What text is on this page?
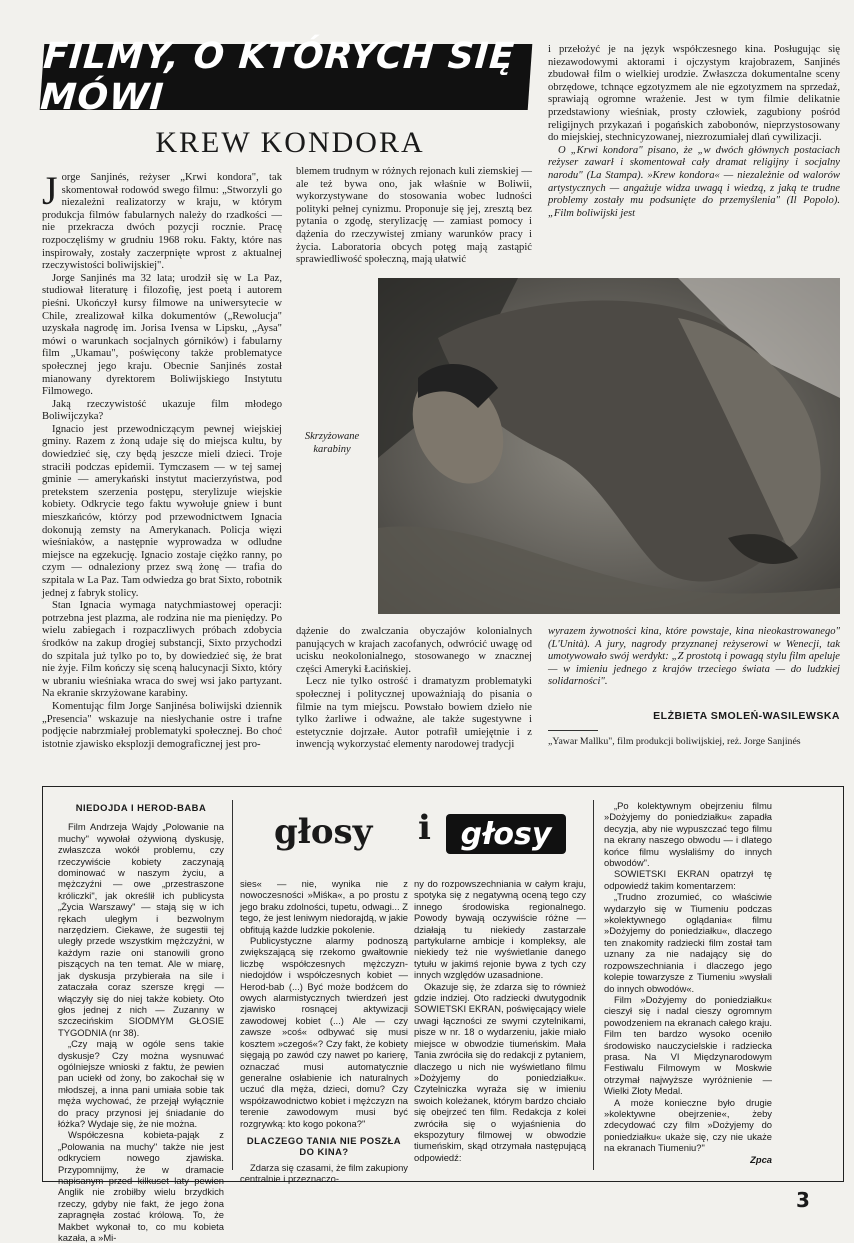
FILMY, O KTÓRYCH SIĘ MÓWI
KREW KONDORA

Jorge Sanjinés, reżyser „Krwi kondora", tak skomentował rodowód swego filmu: „Stworzyli go niezależni realizatorzy w kraju, w którym produkcja filmów fabularnych należy do rzadkości — nie przekracza dwóch pozycji rocznie. Pracę rozpoczęliśmy w grudniu 1968 roku. Fakty, które nas inspirowały, zostały zaczerpnięte wprost z aktualnej rzeczywistości boliwijskiej".

Jorge Sanjinés ma 32 lata; urodził się w La Paz, studiował literaturę i filozofię, jest poetą i autorem pieśni. Ukończył kursy filmowe na uniwersytecie w Chile, zrealizował kilka dokumentów („Rewolucja" uzyskała nagrodę im. Jorisa Ivensa w Lipsku, „Aysa" mówi o warunkach socjalnych górników) i fabularny film „Ukamau", poświęcony także problematyce społecznej jego kraju. Obecnie Sanjinés został mianowany dyrektorem Boliwijskiego Instytutu Filmowego.

Jaką rzeczywistość ukazuje film młodego Boliwijczyka?

Ignacio jest przewodniczącym pewnej wiejskiej gminy. Razem z żoną udaje się do miejsca kultu, by dowiedzieć się, czy będą jeszcze mieli dzieci. Troje straciłi podczas epidemii. Tymczasem — w tej samej gminie — amerykański instytut macierzyństwa, pod pretekstem szerzenia postępu, sterylizuje wiejskie kobiety. Odkrycie tego faktu wywołuje gniew i bunt mieszkańców, którzy pod przewodnictwem Ignacia dokonują zemsty na Amerykanach. Policja więzi wieśniaków, a następnie wyprowadza w odludne miejsce na egzekucję. Ignacio zostaje ciężko ranny, po czym — odnaleziony przez swą żonę — trafia do szpitala w La Paz. Tam odwiedza go brat Sixto, robotnik jednej z fabryk stolicy.

Stan Ignacia wymaga natychmiastowej operacji: potrzebna jest plazma, ale rodzina nie ma pieniędzy. Po wielu zabiegach i rozpaczliwych próbach zdobycia środków na zakup drogiej substancji, Sixto przychodzi do szpitala już tylko po to, by dowiedzieć się, że brat nie żyje. Film kończy się sceną halucynacji Sixto, który w ubraniu wieśniaka wraca do swej wsi jako partyzant. Na ekranie skrzyżowane karabiny.

Komentując film Jorge Sanjinésa boliwijski dziennik „Presencia" wskazuje na niesłychanie ostre i trafne podjęcie nabrzmiałej problematyki społecznej. Bo choć istotnie zjawisko eksplozji demograficznej jest pro-

blemem trudnym w różnych rejonach kuli ziemskiej — ale też bywa ono, jak właśnie w Boliwii, wykorzystywane do stosowania wobec ludności polityki pełnej cynizmu. Proponuje się jej, zresztą bez pytania o zgodę, sterylizację — zamiast pomocy i dążenia do rzeczywistej zmiany warunków pracy i życia. Laboratoria obcych potęg mają zastąpić sprawiedliwość społeczną, mają ułatwić

i przełożyć je na język współczesnego kina. Posługując się niezawodowymi aktorami i ojczystym krajobrazem, Sanjinés zbudował film o wielkiej urodzie. Zwłaszcza dokumentalne sceny obrzędowe, tchnące egzotyzmem ale nie egzotyzmem na sprzedaż, sprawiają ogromne wrażenie. Jest w tym filmie delikatnie przedstawiony wieśniak, prosty człowiek, zagubiony pośród religijnych przykazań i pogańskich zabobonów, nieprzystosowany do miejskiej, stechnicyzowanej, niezrozumiałej dlań cywilizacji.

O „Krwi kondora" pisano, że „w dwóch głównych postaciach reżyser zawarł i skomentował cały dramat religijny i socjalny narodu" (La Stampa). »Krew kondora« — niezależnie od walorów artystycznych — angażuje widza uwagą i wiedzą, z jaką te trudne problemy zostały mu podsunięte do przemyślenia" (Il Popolo). „Film boliwijski jest

Skrzyżowane karabiny

dążenie do zwalczania obyczajów kolonialnych panujących w krajach zacofanych, odwrócić uwagę od ucisku neokolonialnego, stosowanego w znacznej części Ameryki Łacińskiej.

Lecz nie tylko ostrość i dramatyzm problematyki społecznej i politycznej upoważniają do pisania o filmie na tym miejscu. Powstało bowiem dzieło nie tylko żarliwe i odważne, ale także sugestywne i estetycznie dojrzałe. Autor potrafił umiejętnie i z inwencją wykorzystać elementy narodowej tradycji

wyrazem żywotności kina, które powstaje, kina nieokastrowanego" (L'Unità). A jury, nagrody przyznanej reżyserowi w Wenecji, tak umotywowało swój werdykt: „Z prostotą i powagą stylu film apeluje — w imieniu jednego z krajów trzeciego świata — do ludzkiej solidarności".

ELŻBIETA SMOLEŃ-WASILEWSKA
„Yawar Mallku", film produkcji boliwijskiej, reż. Jorge Sanjinés
głosy i głosy

NIEDOJDA I HEROD-BABA

Film Andrzeja Wajdy „Polowanie na muchy" wywołał ożywioną dyskusję, zwłaszcza wokół problemu, czy rzeczywiście kobiety zaczynają dominować w naszym życiu, a mężczyźni — owe „przestraszone króliczki", jak określił ich publicysta „Życia Warszawy" — stają się w ich rękach uległym i bezwolnym narzędziem. Ciekawe, że sugestii tej uległy przede wszystkim mężczyźni, w każdym razie oni stanowili grono piszących na ten temat. Ale w miarę, jak dyskusja przybierała na sile i zataczała coraz szersze kręgi — włączyły się do niej także kobiety. Oto głos jednej z nich — Zuzanny w szczecińskim SIODMYM GŁOSIE TYGODNIA (nr 38).

„Czy mają w ogóle sens takie dyskusje? Czy można wysnuwać ogólniejsze wnioski z faktu, że pewien pan uciekł od żony, bo zakochał się w młodszej, a inna pani umiała sobie tak męża wychować, że przejął wyłącznie do pracy przynosi jej śniadanie do łóżka? Wydaje się, że nie można.

Współczesna kobieta-pająk z „Polowania na muchy" także nie jest odkryciem nowego zjawiska. Przypomnijmy, że w dramacie napisanym przed kilkuset laty pewien Anglik nie zrobiłby wielu brzydkich rzeczy, gdyby nie fakt, że jego żona zapragnęła zostać królową. To, że Makbet wykonał to, co mu kobieta kazała, a »Mi-

sies« — nie, wynika nie z nowoczesności »Miśka«, a po prostu z jego braku zdolności, tupetu, odwagi... Z tego, że jest leniwym niedorajdą, w jakie obfitują każde ludzkie pokolenie.

Publicystyczne alarmy podnoszą zwiększającą się rzekomo gwałtownie liczbę współczesnych mężczyzn-niedojdów i współczesnych kobiet — Herod-bab (...) Być może bodźcem do owych alarmistycznych twierdzeń jest zjawisko rosnącej aktywizacji zawodowej kobiet (...) Ale — czy zawsze »coś« odbywać się musi kosztem »czegoś«? Czy fakt, że kobiety sięgają po zawód czy nawet po karierę, oznaczać musi automatycznie generalne osłabienie ich naturalnych uczuć dla męża, dzieci, domu? Czy współzawodnictwo kobiet i mężczyzn na terenie zawodowym musi być rozgrywką: kto kogo pokona?"

DLACZEGO TANIA NIE POSZŁA DO KINA?

Zdarza się czasami, że film zakupiony centralnie i przeznaczo-

ny do rozpowszechniania w całym kraju, spotyka się z negatywną oceną tego czy innego środowiska regionalnego. Powody bywają oczywiście różne — działają tu niekiedy zastarzałe partykularne ambicje i kompleksy, ale niekiedy też nie wyświetlanie danego tytułu w jakimś rejonie bywa z tych czy innych względów uzasadnione.

Okazuje się, że zdarza się to również gdzie indziej. Oto radziecki dwutygodnik SOWIETSKI EKRAN, poświęcający wiele uwagi łączności ze swymi czytelnikami, pisze w nr. 18 o wydarzeniu, jakie miało miejsce w obwodzie tiumeńskim. Mała Tania zwróciła się do redakcji z pytaniem, dlaczego u nich nie wyświetlano filmu »Dożyjemy do poniedziałku«. Czytelniczka wyraża się w imieniu swoich koleżanek, którym bardzo chciało się obejrzeć ten film. Redakcja z kolei zwróciła się o wyjaśnienia do ekspozytury filmowej w obwodzie tiumeńskim, skąd otrzymała następującą odpowiedź:

„Po kolektywnym obejrzeniu filmu »Dożyjemy do poniedziałku« zapadła decyzja, aby nie wypuszczać tego filmu na ekrany naszego obwodu — i dlatego końce filmu wysłaliśmy do innych obwodów".

SOWIETSKI EKRAN opatrzył tę odpowiedź takim komentarzem:

„Trudno zrozumieć, co właściwie wydarzyło się w Tiumeniu podczas »kolektywnego oglądania« filmu »Dożyjemy do poniedziałku«, dlaczego ten znakomity radziecki film został tam uznany za nie nadający się do rozpowszechniania i dlaczego jego kolepie towarzysze z Tiumeniu »wysłali do innych obwodów«.

Film »Dożyjemy do poniedziałku« cieszył się i nadal cieszy ogromnym powodzeniem na ekranach całego kraju. Film ten bardzo wysoko oceniło środowisko nauczycielskie i radziecka prasa. Na VI Międzynarodowym Festiwalu Filmowym w Moskwie otrzymał najwyższe wyróżnienie — Wielki Złoty Medal.

A może konieczne było drugie »kolektywne obejrzenie«, żeby zdecydować czy film »Dożyjemy do poniedziałku« ukaże się, czy nie ukaże na ekranach Tiumeniu?"

Zpca

3
